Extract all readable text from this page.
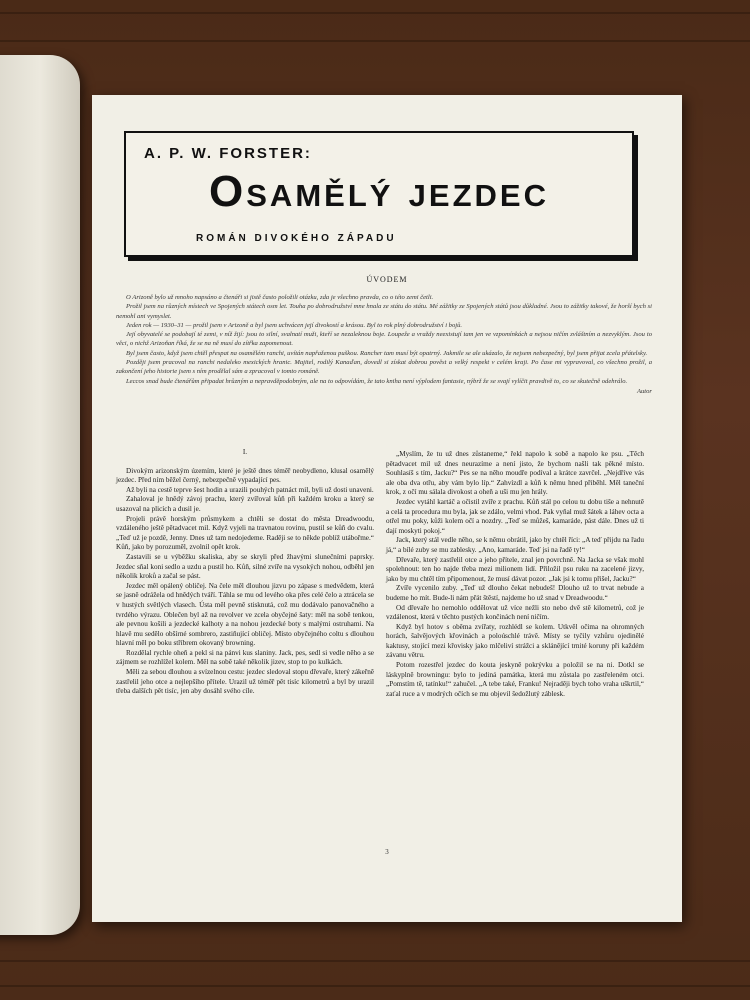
A. P. W. FORSTER:
Osamělý jezdec
ROMÁN DIVOKÉHO ZÁPADU
ÚVODEM

O Arizoně bylo už mnoho napsáno a čtenáři si jistě často položili otázku, zda je všechno pravda, co o této zemi četli.

Prožil jsem na různých místech ve Spojených státech osm let. Touha po dobrodružství mne hnala ze státu do státu. Mé zážitky ze Spojených států jsou důkladné. Jsou to zážitky takové, že horší bych si nemohl ani vymyslet.

Jeden rok — 1930–31 — prožil jsem v Arizoně a byl jsem uchvácen její divokostí a krásou. Byl to rok plný dobrodružství i bojů.

Její obyvatelé se podobají té zemi, v níž žijí: jsou to silní, svalnatí muži, kteří se nezaleknou boje. Loupeže a vraždy neexistují tam jen ve vzpomínkách a nejsou ničím zvláštním a nezvyklým. Jsou to věci, o nichž Arizoňan říká, že se na ně musí do zítřka zapomenout.

Byl jsem často, když jsem chtěl přespat na osamělém ranchi, uvítán napřaženou puškou. Rancher tam musí být opatrný. Jakmile se ale ukázalo, že nejsem nebezpečný, byl jsem přijat zcela přátelsky.

Později jsem pracoval na ranchi nedaleko mexických hranic. Majitel, rodilý Kanaďan, dovedl si získat dobrou pověst a velký respekt v celém kraji. Po čase mi vypravoval, co všechno prožil, a zakončení jeho historie jsem s ním prodělal sám a zpracoval v tomto románě.

Leccos snad bude čtenářům připadat hrůzným a nepravděpodobným, ale na to odpovídám, že tato kniha není výplodem fantasie, nýbrž že se svají vylíčit pravdivě to, co se skutečně odehrálo.

Autor

I.

Divokým arizonským územím, které je ještě dnes téměř neobydleno, klusal osamělý jezdec. Před ním běžel černý, nebezpečně vypadající pes.

Až byli na cestě teprve šest hodin a urazili pouhých patnáct mil, byli už dosti unaveni.

Zahaloval je hnědý závoj prachu, který zvířoval kůň při každém kroku a který se usazoval na plicích a dusil je.

Projeli právě horským průsmykem a chtěli se dostat do města Dreadwoodu, vzdáleného ještě pětadvacet mil. Když vyjeli na travnatou rovinu, pustil se kůň do cvalu. „Teď už je pozdě, Jenny. Dnes už tam nedojedeme. Raději se to někde poblíž utábořme.“ Kůň, jako by porozuměl, zvolnil opět krok.

Zastavili se u výběžku skaliska, aby se skryli před žhavými slunečními paprsky. Jezdec sňal koni sedlo a uzdu a pustil ho. Kůň, silné zvíře na vysokých nohou, odběhl jen několik kroků a začal se pást.

Jezdec měl opálený obličej. Na čele měl dlouhou jizvu po zápase s medvědem, která se jasně odrážela od hnědých tváří. Táhla se mu od levého oka přes celé čelo a ztrácela se v hustých světlých vlasech. Ústa měl pevně stisknutá, což mu dodávalo panovačného a tvrdého výrazu. Oblečen byl až na revolver ve zcela obyčejné šaty: měl na sobě tenkou, ale pevnou košili a jezdecké kalhoty a na nohou jezdecké boty s malými ostruhami. Na hlavě mu sedělo obšírné sombrero, zastiňující obličej. Místo obyčejného coltu s dlouhou hlavní měl po boku stříbrem okovaný browning.

Rozdělal rychle oheň a pekl si na pánvi kus slaniny. Jack, pes, sedl si vedle něho a se zájmem se rozhlížel kolem. Měl na sobě také několik jizev, stop to po kulkách.

Měli za sebou dlouhou a svízelnou cestu: jezdec sledoval stopu dřevaře, který zákeřně zastřelil jeho otce a nejlepšího přítele. Urazil už téměř pět tisíc kilometrů a byl by urazil třeba dalších pět tisíc, jen aby dosáhl svého cíle.

„Myslím, že tu už dnes zůstaneme,“ řekl napolo k sobě a napolo ke psu. „Těch pětadvacet mil už dnes neurazíme a není jisto, že bychom našli tak pěkné místo. Souhlasíš s tím, Jacku?“ Pes se na něho moudře podíval a krátce zavrčel. „Nejdříve vás ale oba dva otřu, aby vám bylo líp.“ Zahvízdl a kůň k němu hned přiběhl. Měl taneční krok, z očí mu sálala divokost a oheň a uši mu jen hrály.

Jezdec vytáhl kartáč a očistil zvíře z prachu. Kůň stál po celou tu dobu tiše a nehnutě a celá ta procedura mu byla, jak se zdálo, velmi vhod. Pak vyňal muž šátek a láhev octa a otřel mu poky, kůži kolem očí a nozdry. „Teď se můžeš, kamaráde, pást dále. Dnes už ti dají moskyti pokoj.“

Jack, který stál vedle něho, se k němu obrátil, jako by chtěl říci: „A teď přijdu na řadu já,“ a bílé zuby se mu zablesky. „Ano, kamaráde. Teď jsi na řadě ty!“

Dřevaře, který zastřelil otce a jeho přítele, znal jen povrchně. Na Jacka se však mohl spolehnout: ten ho najde třeba mezi milionem lidí. Přiložil psu ruku na zacelené jizvy, jako by mu chtěl tím připomenout, že musí dávat pozor. „Jak jsi k tomu přišel, Jacku?“

Zvíře vycenilo zuby. „Teď už dlouho čekat nebudeš! Dlouho už to trvat nebude a budeme ho mít. Bude-li nám přát štěstí, najdeme ho už snad v Dreadwoodu.“

Od dřevaře ho nemohlo oddělovat už více nežli sto nebo dvě stě kilometrů, což je vzdálenost, která v těchto pustých končinách není ničím.

Když byl hotov s oběma zvířaty, rozhlédl se kolem. Utkvěl očima na ohromných horách, šalvějových křovinách a poloúschlé trávě. Místy se tyčily vzhůru ojedinělé kaktusy, stojící mezi křovisky jako mlčeliví strážci a sklánějící trnité koruny při každém závanu větru.

Potom rozestřel jezdec do kouta jeskyně pokrývku a položil se na ni. Dotkl se láskyplně browningu: bylo to jediná památka, která mu zůstala po zastřeleném otci. „Pomstím tě, tatínku!“ zahučel. „A tebe také, Franku! Nejraději bych toho vraha uškrtil,“ zaťal ruce a v modrých očích se mu objevil šedožlutý záblesk.

3
